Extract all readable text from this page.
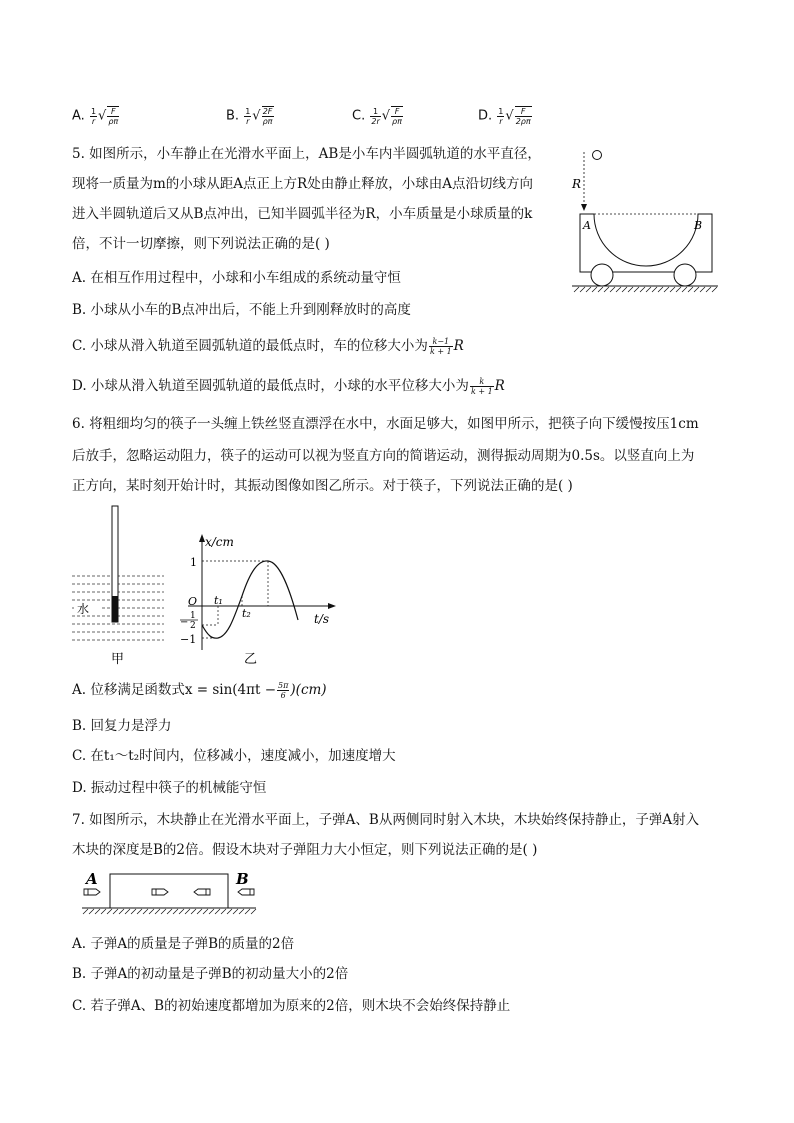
A. $\frac{1}{r}$ √ $\frac{F}{\rho\pi}$	B. $\frac{1}{r}$ √ $\frac{2F}{\rho\pi}$	C. $\frac{1}{2r}$ √ $\frac{F}{\rho\pi}$	D. $\frac{1}{r}$ √ $\frac{F}{2\rho\pi}$
5. 如图所示，小车静止在光滑水平面上，AB是小车内半圆弧轨道的水平直径，
现将一质量为m的小球从距A点正上方R处由静止释放，小球由A点沿切线方向
进入半圆轨道后又从B点冲出，已知半圆弧半径为R，小车质量是小球质量的k
倍，不计一切摩擦，则下列说法正确的是( )
A. 在相互作用过程中，小球和小车组成的系统动量守恒
B. 小球从小车的B点冲出后，不能上升到刚释放时的高度
C. 小球从滑入轨道至圆弧轨道的最低点时，车的位移大小为 $\frac{k-1}{k + 1}$ R
D. 小球从滑入轨道至圆弧轨道的最低点时，小球的水平位移大小为 $\frac{k}{k + 1}$ R
R
A	B
6. 将粗细均匀的筷子一头缠上铁丝竖直漂浮在水中，水面足够大，如图甲所示，把筷子向下缓慢按压1cm
后放手，忽略运动阻力，筷子的运动可以视为竖直方向的简谐运动，测得振动周期为0.5s。以竖直向上为
正方向，某时刻开始计时，其振动图像如图乙所示。对于筷子，下列说法正确的是( )
水
甲
x/cm
t/s
O
1
1
2
−
−1
t₁
t₂
乙
A. 位移满足函数式$x = \sin(4\pi t - \frac{5\pi}{6} )(cm)$
B. 回复力是浮力
C. 在t₁～t₂时间内，位移减小，速度减小，加速度增大
D. 振动过程中筷子的机械能守恒
7. 如图所示，木块静止在光滑水平面上，子弹A、B从两侧同时射入木块，木块始终保持静止，子弹A射入
木块的深度是B的2倍。假设木块对子弹阻力大小恒定，则下列说法正确的是( )
A	B
A. 子弹A的质量是子弹B的质量的2倍
B. 子弹A的初动量是子弹B的初动量大小的2倍
C. 若子弹A、B的初始速度都增加为原来的2倍，则木块不会始终保持静止
